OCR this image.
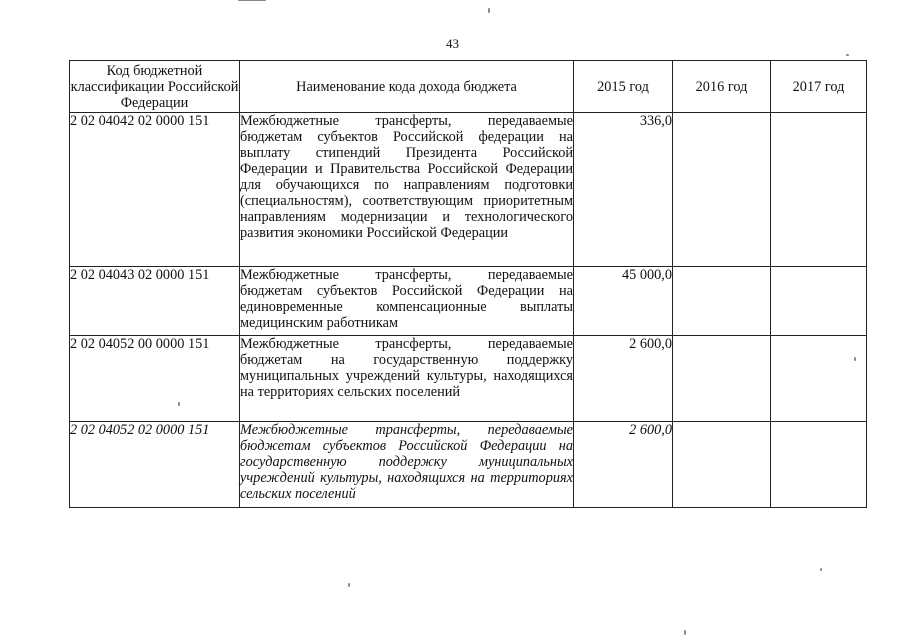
43
Код бюджетной классификации Российской Федерации	Наименование кода дохода бюджета	2015 год	2016 год	2017 год
2 02 04042 02 0000 151	Межбюджетные трансферты, передаваемые бюджетам субъектов Российской федерации на выплату стипендий Президента Российской Федерации и Правительства Российской Федерации для обучающихся по направлениям подготовки (специальностям), соответствующим приоритетным направлениям модернизации и технологического развития экономики Российской Федерации	336,0		
2 02 04043 02 0000 151	Межбюджетные трансферты, передаваемые бюджетам субъектов Российской Федерации на единовременные компенсационные выплаты медицинским работникам	45 000,0		
2 02 04052 00 0000 151	Межбюджетные трансферты, передаваемые бюджетам на государственную поддержку муниципальных учреждений культуры, находящихся на территориях сельских поселений	2 600,0		
2 02 04052 02 0000 151	Межбюджетные трансферты, передаваемые бюджетам субъектов Российской Федерации на государственную поддержку муниципальных учреждений культуры, находящихся на территориях сельских поселений	2 600,0		
